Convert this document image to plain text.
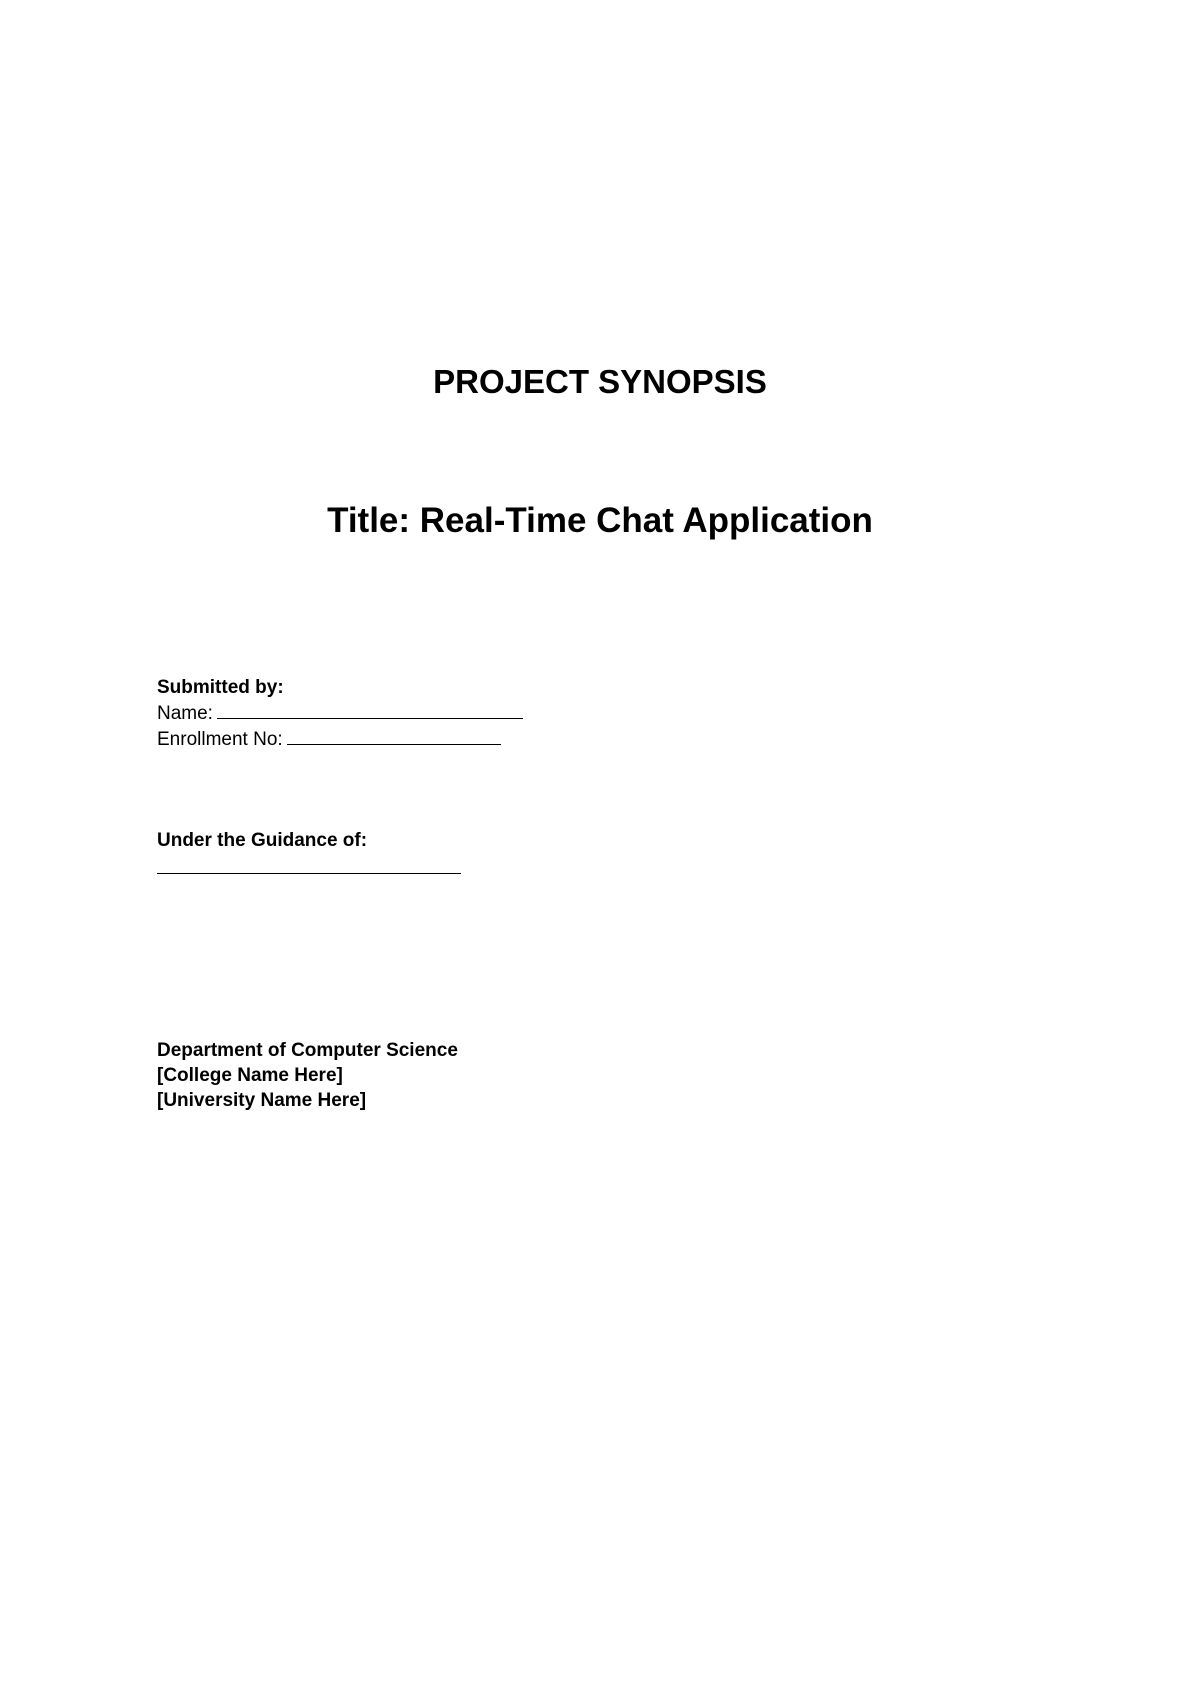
PROJECT SYNOPSIS
Title: Real-Time Chat Application
Submitted by:
Name:
Enrollment No:
Under the Guidance of:
Department of Computer Science
[College Name Here]
[University Name Here]
